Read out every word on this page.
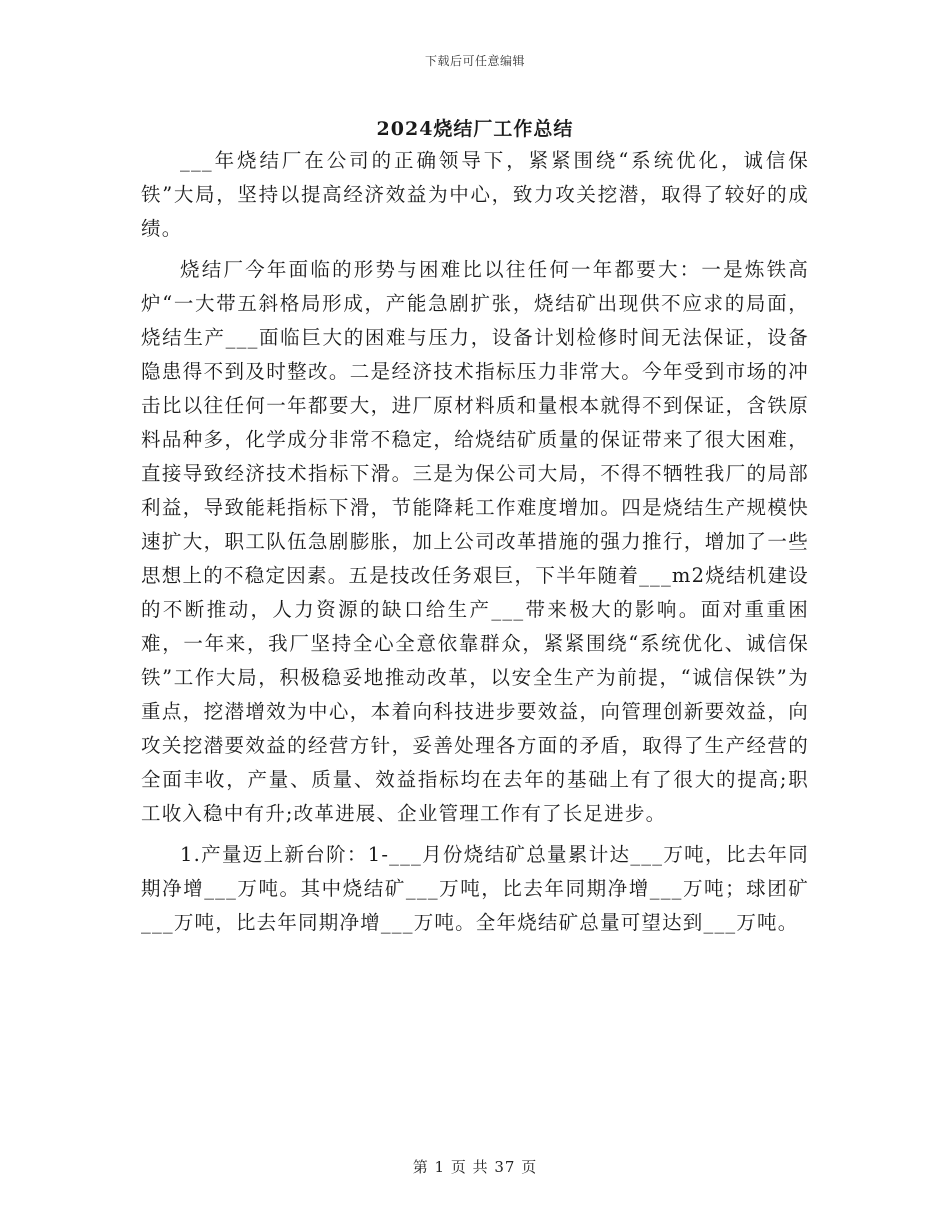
下载后可任意编辑
2024烧结厂工作总结

___年烧结厂在公司的正确领导下，紧紧围绕“系统优化，诚信保铁”大局，坚持以提高经济效益为中心，致力攻关挖潜，取得了较好的成绩。

烧结厂今年面临的形势与困难比以往任何一年都要大：一是炼铁高炉“一大带五斜格局形成，产能急剧扩张，烧结矿出现供不应求的局面，烧结生产___面临巨大的困难与压力，设备计划检修时间无法保证，设备隐患得不到及时整改。二是经济技术指标压力非常大。今年受到市场的冲击比以往任何一年都要大，进厂原材料质和量根本就得不到保证，含铁原料品种多，化学成分非常不稳定，给烧结矿质量的保证带来了很大困难，直接导致经济技术指标下滑。三是为保公司大局，不得不牺牲我厂的局部利益，导致能耗指标下滑，节能降耗工作难度增加。四是烧结生产规模快速扩大，职工队伍急剧膨胀，加上公司改革措施的强力推行，增加了一些思想上的不稳定因素。五是技改任务艰巨，下半年随着___m2烧结机建设的不断推动，人力资源的缺口给生产___带来极大的影响。面对重重困难，一年来，我厂坚持全心全意依靠群众，紧紧围绕“系统优化、诚信保铁”工作大局，积极稳妥地推动改革，以安全生产为前提，“诚信保铁”为重点，挖潜增效为中心，本着向科技进步要效益，向管理创新要效益，向攻关挖潜要效益的经营方针，妥善处理各方面的矛盾，取得了生产经营的全面丰收，产量、质量、效益指标均在去年的基础上有了很大的提高;职工收入稳中有升;改革进展、企业管理工作有了长足进步。

1.产量迈上新台阶：1-___月份烧结矿总量累计达___万吨，比去年同期净增___万吨。其中烧结矿___万吨，比去年同期净增___万吨；球团矿___万吨，比去年同期净增___万吨。全年烧结矿总量可望达到___万吨。

第 1 页 共 37 页
